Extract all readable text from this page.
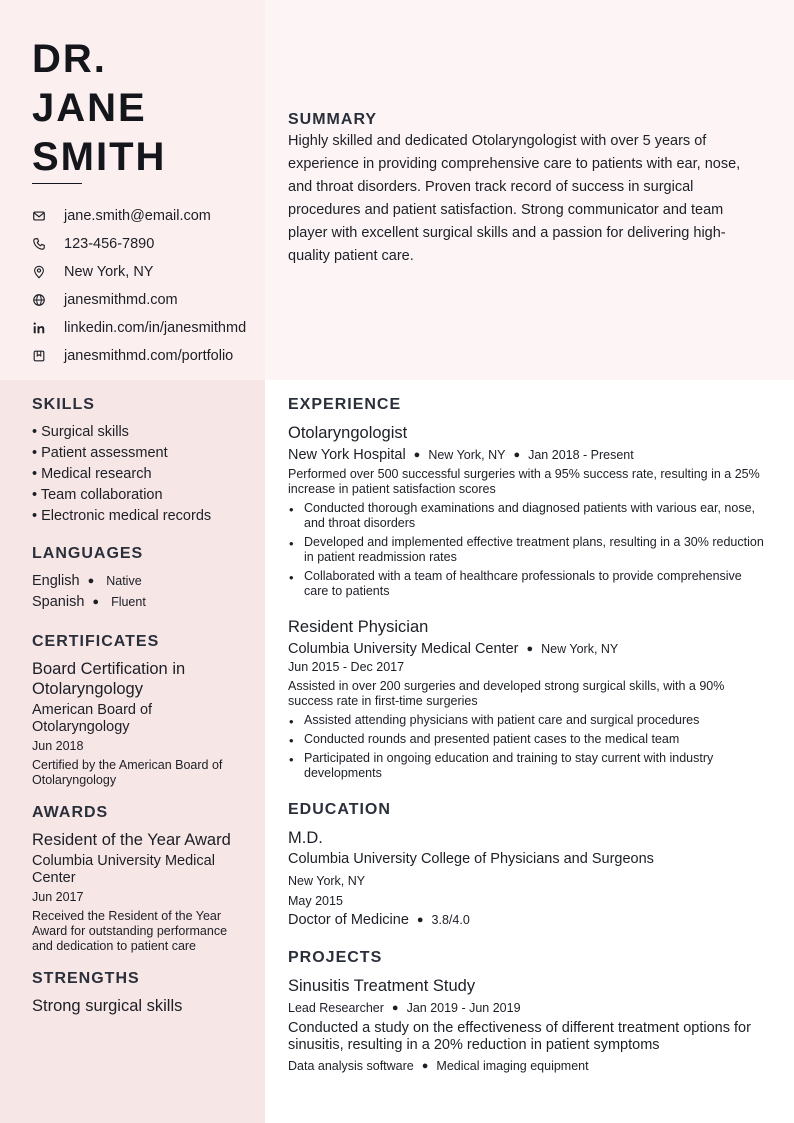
DR.
JANE
SMITH
jane.smith@email.com
123-456-7890
New York, NY
janesmithmd.com
linkedin.com/in/janesmithmd
janesmithmd.com/portfolio
SUMMARY

Highly skilled and dedicated Otolaryngologist with over 5 years of experience in providing comprehensive care to patients with ear, nose, and throat disorders. Proven track record of success in surgical procedures and patient satisfaction. Strong communicator and team player with excellent surgical skills and a passion for delivering high-quality patient care.

SKILLS
• Surgical skills
• Patient assessment
• Medical research
• Team collaboration
• Electronic medical records
LANGUAGES
English ● Native
Spanish ● Fluent
CERTIFICATES
Board Certification in Otolaryngology
American Board of Otolaryngology
Jun 2018
Certified by the American Board of Otolaryngology
AWARDS
Resident of the Year Award
Columbia University Medical Center
Jun 2017
Received the Resident of the Year Award for outstanding performance and dedication to patient care
STRENGTHS
Strong surgical skills
EXPERIENCE
Otolaryngologist
New York Hospital ● New York, NY ● Jan 2018 - Present

Performed over 500 successful surgeries with a 95% success rate, resulting in a 25% increase in patient satisfaction scores

• Conducted thorough examinations and diagnosed patients with various ear, nose, and throat disorders
• Developed and implemented effective treatment plans, resulting in a 30% reduction in patient readmission rates
• Collaborated with a team of healthcare professionals to provide comprehensive care to patients
Resident Physician
Columbia University Medical Center ● New York, NY
Jun 2015 - Dec 2017

Assisted in over 200 surgeries and developed strong surgical skills, with a 90% success rate in first-time surgeries

• Assisted attending physicians with patient care and surgical procedures
• Conducted rounds and presented patient cases to the medical team
• Participated in ongoing education and training to stay current with industry developments
EDUCATION
M.D.
Columbia University College of Physicians and Surgeons
New York, NY
May 2015
Doctor of Medicine ● 3.8/4.0
PROJECTS
Sinusitis Treatment Study
Lead Researcher ● Jan 2019 - Jun 2019

Conducted a study on the effectiveness of different treatment options for sinusitis, resulting in a 20% reduction in patient symptoms

Data analysis software ● Medical imaging equipment
